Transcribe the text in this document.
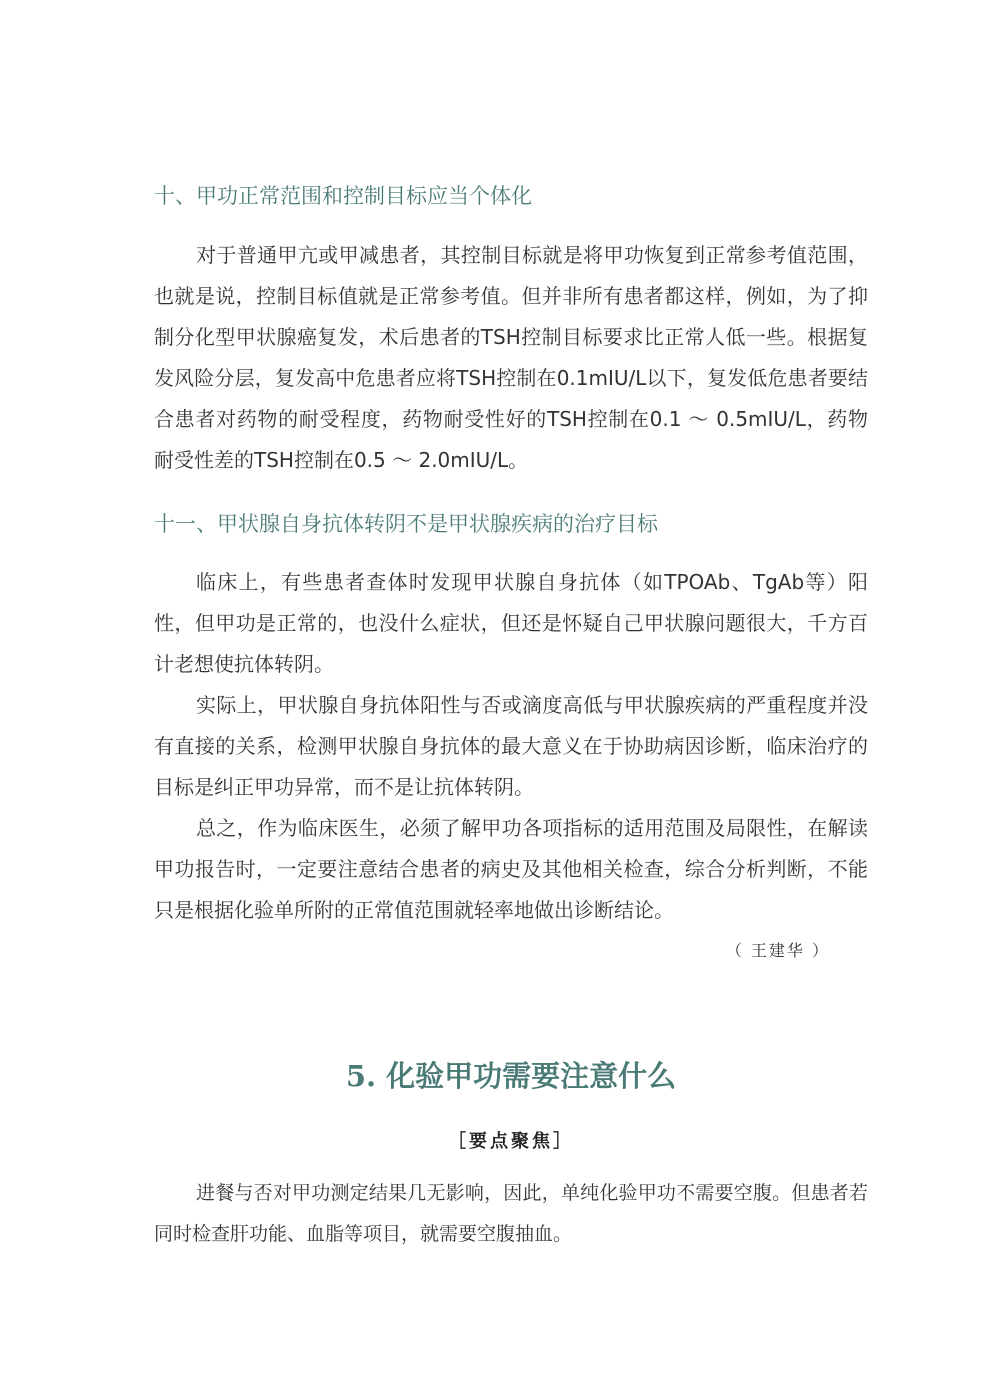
十、甲功正常范围和控制目标应当个体化

对于普通甲亢或甲减患者，其控制目标就是将甲功恢复到正常参考值范围，也就是说，控制目标值就是正常参考值。但并非所有患者都这样，例如，为了抑制分化型甲状腺癌复发，术后患者的TSH控制目标要求比正常人低一些。根据复发风险分层，复发高中危患者应将TSH控制在0.1mIU/L以下，复发低危患者要结合患者对药物的耐受程度，药物耐受性好的TSH控制在0.1 ～ 0.5mIU/L，药物耐受性差的TSH控制在0.5 ～ 2.0mIU/L。

十一、甲状腺自身抗体转阴不是甲状腺疾病的治疗目标

临床上，有些患者查体时发现甲状腺自身抗体（如TPOAb、TgAb等）阳性，但甲功是正常的，也没什么症状，但还是怀疑自己甲状腺问题很大，千方百计老想使抗体转阴。

实际上，甲状腺自身抗体阳性与否或滴度高低与甲状腺疾病的严重程度并没有直接的关系，检测甲状腺自身抗体的最大意义在于协助病因诊断，临床治疗的目标是纠正甲功异常，而不是让抗体转阴。

总之，作为临床医生，必须了解甲功各项指标的适用范围及局限性，在解读甲功报告时，一定要注意结合患者的病史及其他相关检查，综合分析判断，不能只是根据化验单所附的正常值范围就轻率地做出诊断结论。

（ 王建华 ）
5. 化验甲功需要注意什么
［要点聚焦］

进餐与否对甲功测定结果几无影响，因此，单纯化验甲功不需要空腹。但患者若同时检查肝功能、血脂等项目，就需要空腹抽血。
